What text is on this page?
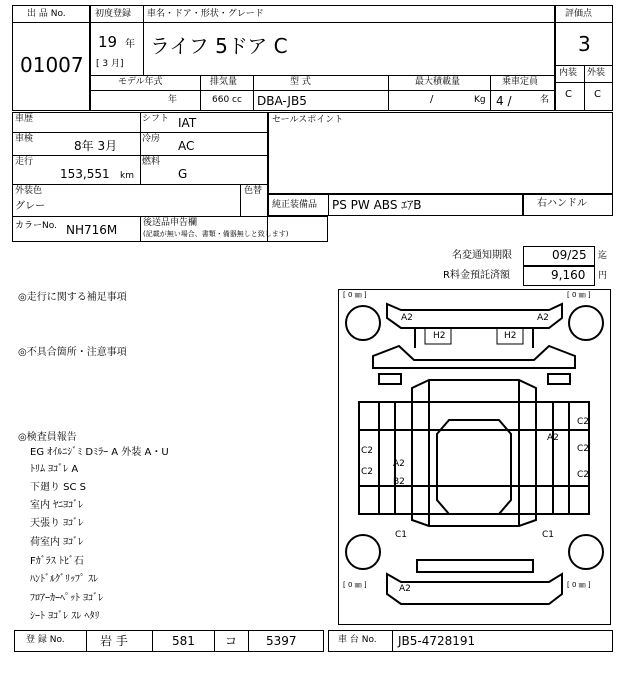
出 品 No.
01007
初度登録
19 年
[ 3 月]
車名・ドア・形状・グレード
ライフ 5ドア C
モデル年式
年
排気量
660 cc
型 式
DBA-JB5
最大積載量
/	Kg
乗車定員
4 /	名
評価点
3
内装 外装
C C
車歴	シフト IAT
車検	8年 3月	冷房 AC
走行
153,551 km
燃料
G
外装色
グレー
色替
カラーNo. NH716M	後送品申告欄
(記載が無い場合、書類・備器無しと致します)
セールスポイント
純正装備品 PS PW ABS ｴｱB	右ハンドル
名変通知期限	09/25 迄
R料金預託済額	9,160 円
◎走行に関する補足事項
◎不具合箇所・注意事項
◎検査員報告
EG ｵｲﾙﾆｼﾞﾐ Dﾐﾗｰ A 外装 A・U
ﾄﾘﾑ ﾖｺﾞﾚ A
下廻り SC S
室内 ﾔﾆﾖｺﾞﾚ
天張り ﾖｺﾞﾚ
荷室内 ﾖｺﾞﾚ
Fｶﾞﾗｽ ﾄﾋﾞ石
ﾊﾝﾄﾞﾙｸﾞﾘｯﾌﾟ ｽﾚ
ﾌﾛｱｰｶｰﾍﾟｯﾄ ﾖｺﾞﾚ
ｼｰﾄ ﾖｺﾞﾚ ｽﾚ ﾍﾀﾘ
[ 0 ㎜ ]	[ 0 ㎜ ]
[ 0 ㎜ ]	[ 0 ㎜ ]
A2	A2
H2	H2
C2
C2
C2
C2
C2
A2
A2
B2
C1	C1
A2
登 録 No.	岩 手	581	コ 5397	車 台 No. JB5-4728191
